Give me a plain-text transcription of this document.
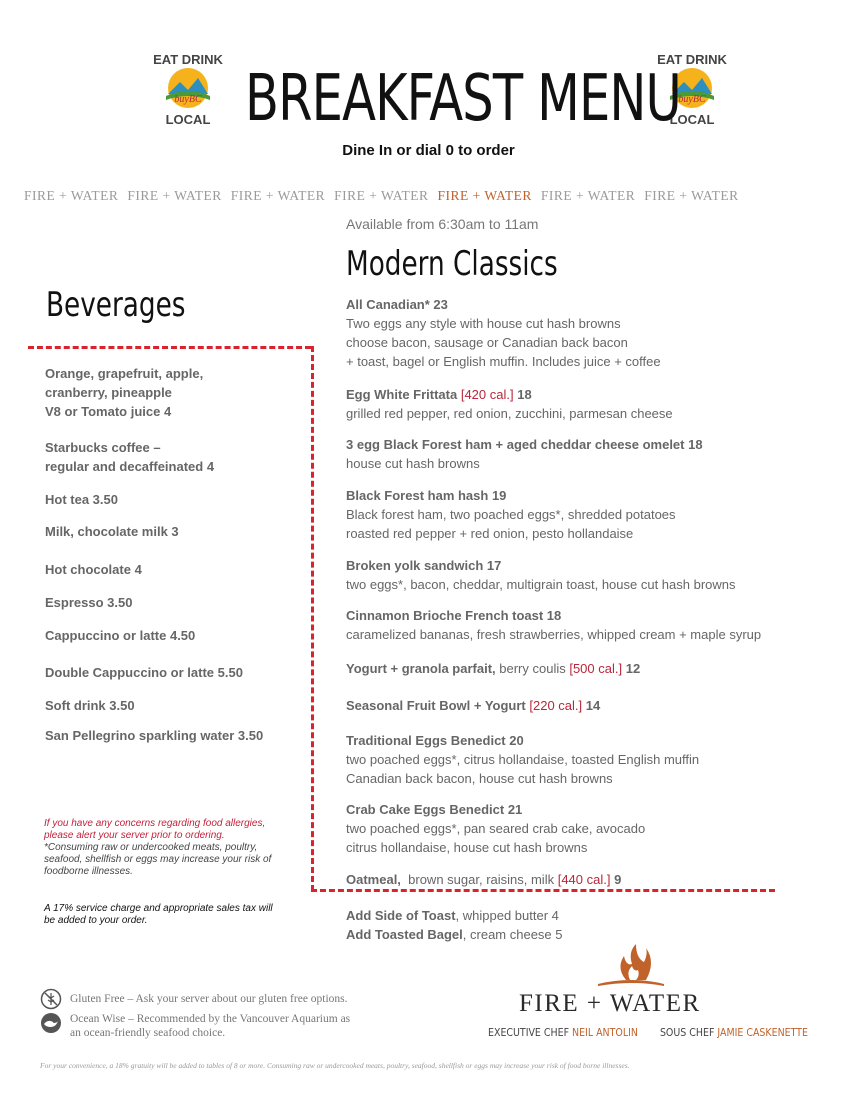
EAT DRINK
buyBC
LOCAL
EAT DRINK
buyBC
LOCAL
BREAKFAST MENU
Dine In or dial 0 to order
FIRE + WATER FIRE + WATER FIRE + WATER FIRE + WATER FIRE + WATER FIRE + WATER FIRE + WATER
Available from 6:30am to 11am
Modern Classics
Beverages
Orange, grapefruit, apple,
cranberry, pineapple
V8 or Tomato juice 4
Starbucks coffee –
regular and decaffeinated 4
Hot tea 3.50
Milk, chocolate milk 3
Hot chocolate 4
Espresso 3.50
Cappuccino or latte 4.50
Double Cappuccino or latte 5.50
Soft drink 3.50
San Pellegrino sparkling water 3.50
All Canadian* 23
Two eggs any style with house cut hash browns
choose bacon, sausage or Canadian back bacon
+ toast, bagel or English muffin. Includes juice + coffee
Egg White Frittata [420 cal.] 18
grilled red pepper, red onion, zucchini, parmesan cheese
3 egg Black Forest ham + aged cheddar cheese omelet 18
house cut hash browns
Black Forest ham hash 19
Black forest ham, two poached eggs*, shredded potatoes
roasted red pepper + red onion, pesto hollandaise
Broken yolk sandwich 17
two eggs*, bacon, cheddar, multigrain toast, house cut hash browns
Cinnamon Brioche French toast 18
caramelized bananas, fresh strawberries, whipped cream + maple syrup
Yogurt + granola parfait, berry coulis [500 cal.] 12
Seasonal Fruit Bowl + Yogurt [220 cal.] 14
Traditional Eggs Benedict 20
two poached eggs*, citrus hollandaise, toasted English muffin
Canadian back bacon, house cut hash browns
Crab Cake Eggs Benedict 21
two poached eggs*, pan seared crab cake, avocado
citrus hollandaise, house cut hash browns
Oatmeal,  brown sugar, raisins, milk [440 cal.] 9
Add Side of Toast, whipped butter 4
Add Toasted Bagel, cream cheese 5
If you have any concerns regarding food allergies, please alert your server prior to ordering.
*Consuming raw or undercooked meats, poultry, seafood, shellfish or eggs may increase your risk of foodborne illnesses.
A 17% service charge and appropriate sales tax will be added to your order.
Gluten Free – Ask your server about our gluten free options.
Ocean Wise – Recommended by the Vancouver Aquarium as
an ocean-friendly seafood choice.
FIRE + WATER
EXECUTIVE CHEF NEIL ANTOLIN SOUS CHEF JAMIE CASKENETTE
For your convenience, a 18% gratuity will be added to tables of 8 or more. Consuming raw or undercooked meats, poultry, seafood, shellfish or eggs may increase your risk of food borne illnesses.
